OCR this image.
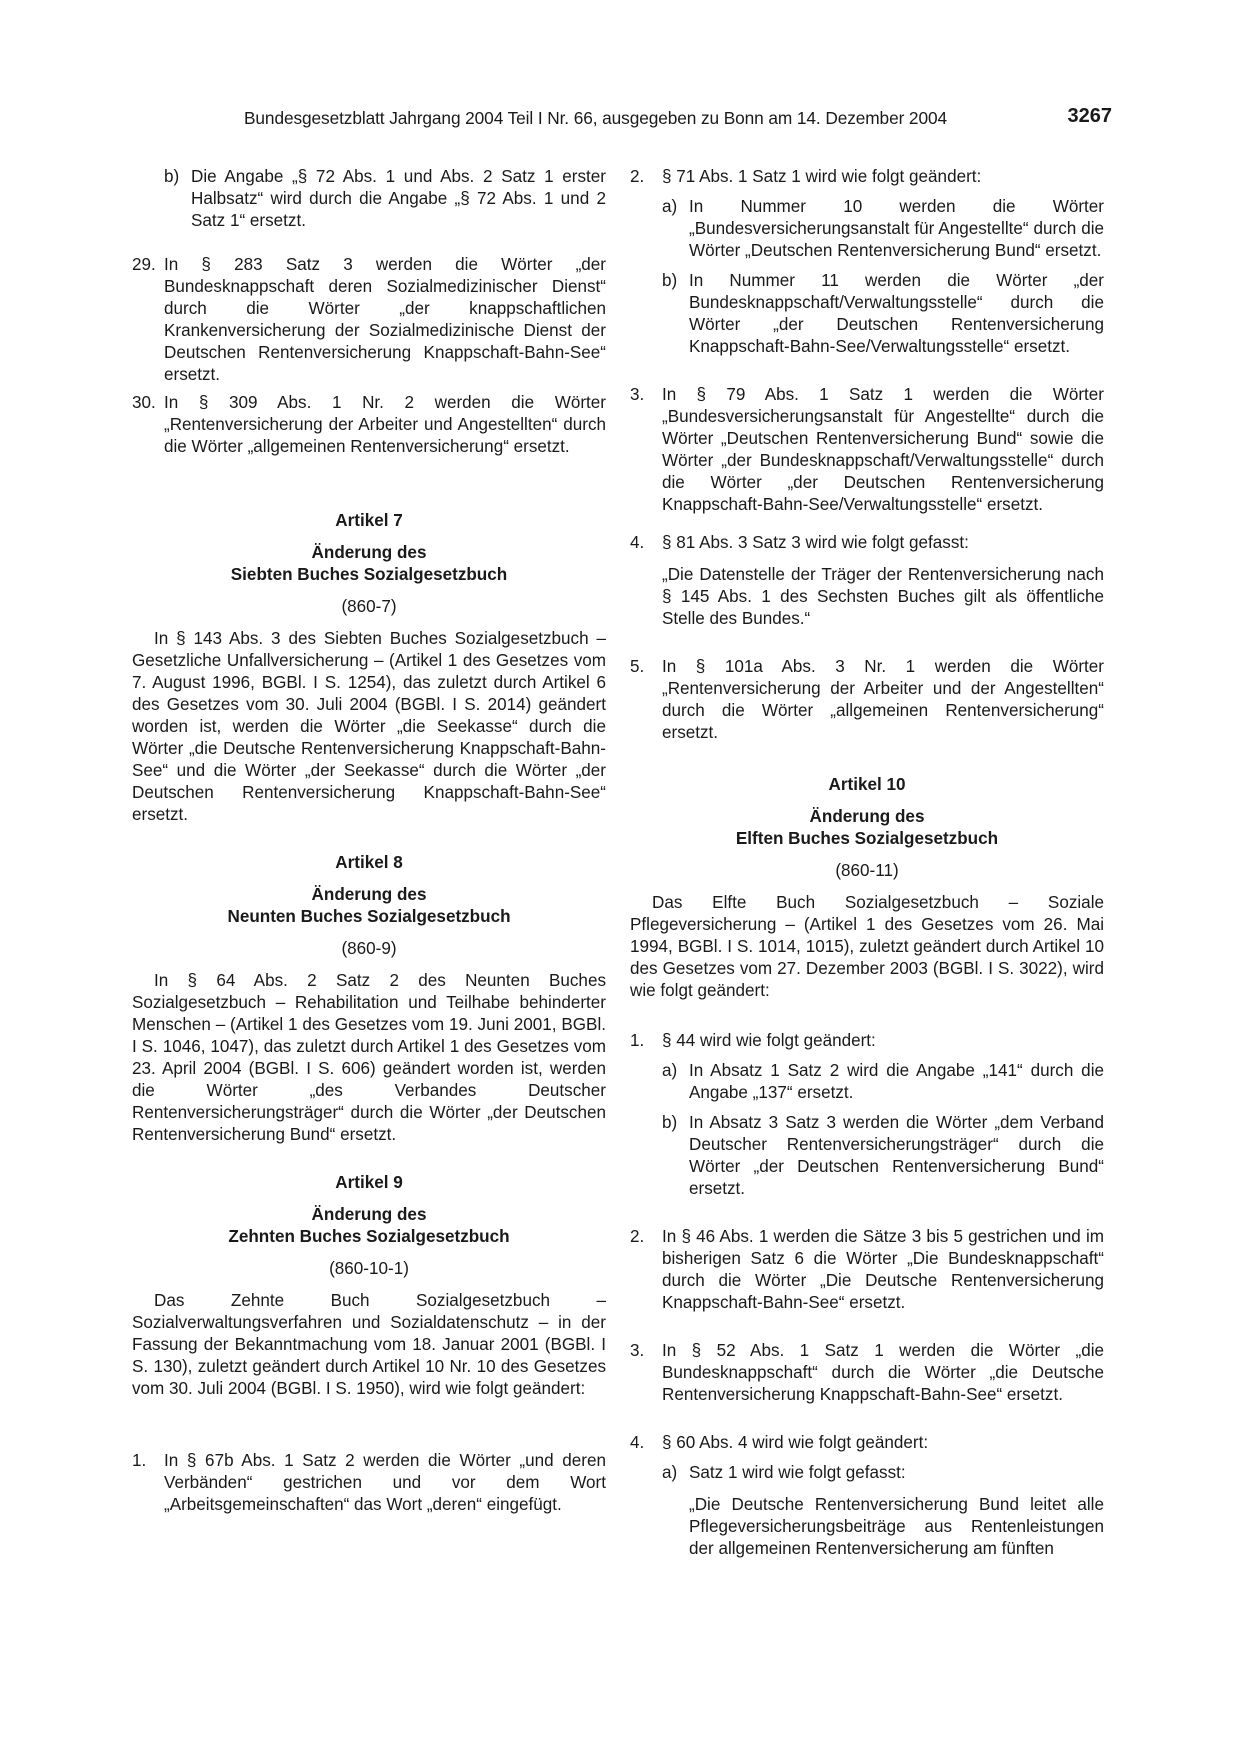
Bundesgesetzblatt Jahrgang 2004 Teil I Nr. 66, ausgegeben zu Bonn am 14. Dezember 2004	3267
b) Die Angabe „§ 72 Abs. 1 und Abs. 2 Satz 1 erster Halbsatz“ wird durch die Angabe „§ 72 Abs. 1 und 2 Satz 1“ ersetzt.

29. In § 283 Satz 3 werden die Wörter „der Bundesknappschaft deren Sozialmedizinischer Dienst“ durch die Wörter „der knappschaftlichen Krankenversicherung der Sozialmedizinische Dienst der Deutschen Rentenversicherung Knappschaft-Bahn-See“ ersetzt.

30. In § 309 Abs. 1 Nr. 2 werden die Wörter „Rentenversicherung der Arbeiter und Angestellten“ durch die Wörter „allgemeinen Rentenversicherung“ ersetzt.

Artikel 7

Änderung des

Siebten Buches Sozialgesetzbuch

(860-7)

In § 143 Abs. 3 des Siebten Buches Sozialgesetzbuch – Gesetzliche Unfallversicherung – (Artikel 1 des Gesetzes vom 7. August 1996, BGBl. I S. 1254), das zuletzt durch Artikel 6 des Gesetzes vom 30. Juli 2004 (BGBl. I S. 2014) geändert worden ist, werden die Wörter „die Seekasse“ durch die Wörter „die Deutsche Rentenversicherung Knappschaft-Bahn-See“ und die Wörter „der Seekasse“ durch die Wörter „der Deutschen Rentenversicherung Knappschaft-Bahn-See“ ersetzt.

Artikel 8

Änderung des

Neunten Buches Sozialgesetzbuch

(860-9)

In § 64 Abs. 2 Satz 2 des Neunten Buches Sozialgesetzbuch – Rehabilitation und Teilhabe behinderter Menschen – (Artikel 1 des Gesetzes vom 19. Juni 2001, BGBl. I S. 1046, 1047), das zuletzt durch Artikel 1 des Gesetzes vom 23. April 2004 (BGBl. I S. 606) geändert worden ist, werden die Wörter „des Verbandes Deutscher Rentenversicherungsträger“ durch die Wörter „der Deutschen Rentenversicherung Bund“ ersetzt.

Artikel 9

Änderung des

Zehnten Buches Sozialgesetzbuch

(860-10-1)

Das Zehnte Buch Sozialgesetzbuch – Sozialverwaltungsverfahren und Sozialdatenschutz – in der Fassung der Bekanntmachung vom 18. Januar 2001 (BGBl. I S. 130), zuletzt geändert durch Artikel 10 Nr. 10 des Gesetzes vom 30. Juli 2004 (BGBl. I S. 1950), wird wie folgt geändert:

1. In § 67b Abs. 1 Satz 2 werden die Wörter „und deren Verbänden“ gestrichen und vor dem Wort „Arbeitsgemeinschaften“ das Wort „deren“ eingefügt.

2. § 71 Abs. 1 Satz 1 wird wie folgt geändert:

a) In Nummer 10 werden die Wörter „Bundesversicherungsanstalt für Angestellte“ durch die Wörter „Deutschen Rentenversicherung Bund“ ersetzt.

b) In Nummer 11 werden die Wörter „der Bundesknappschaft/Verwaltungsstelle“ durch die Wörter „der Deutschen Rentenversicherung Knappschaft-Bahn-See/Verwaltungsstelle“ ersetzt.

3. In § 79 Abs. 1 Satz 1 werden die Wörter „Bundesversicherungsanstalt für Angestellte“ durch die Wörter „Deutschen Rentenversicherung Bund“ sowie die Wörter „der Bundesknappschaft/Verwaltungsstelle“ durch die Wörter „der Deutschen Rentenversicherung Knappschaft-Bahn-See/Verwaltungsstelle“ ersetzt.

4. § 81 Abs. 3 Satz 3 wird wie folgt gefasst:

„Die Datenstelle der Träger der Rentenversicherung nach § 145 Abs. 1 des Sechsten Buches gilt als öffentliche Stelle des Bundes.“

5. In § 101a Abs. 3 Nr. 1 werden die Wörter „Rentenversicherung der Arbeiter und der Angestellten“ durch die Wörter „allgemeinen Rentenversicherung“ ersetzt.

Artikel 10

Änderung des

Elften Buches Sozialgesetzbuch

(860-11)

Das Elfte Buch Sozialgesetzbuch – Soziale Pflegeversicherung – (Artikel 1 des Gesetzes vom 26. Mai 1994, BGBl. I S. 1014, 1015), zuletzt geändert durch Artikel 10 des Gesetzes vom 27. Dezember 2003 (BGBl. I S. 3022), wird wie folgt geändert:

1. § 44 wird wie folgt geändert:

a) In Absatz 1 Satz 2 wird die Angabe „141“ durch die Angabe „137“ ersetzt.

b) In Absatz 3 Satz 3 werden die Wörter „dem Verband Deutscher Rentenversicherungsträger“ durch die Wörter „der Deutschen Rentenversicherung Bund“ ersetzt.

2. In § 46 Abs. 1 werden die Sätze 3 bis 5 gestrichen und im bisherigen Satz 6 die Wörter „Die Bundesknappschaft“ durch die Wörter „Die Deutsche Rentenversicherung Knappschaft-Bahn-See“ ersetzt.

3. In § 52 Abs. 1 Satz 1 werden die Wörter „die Bundesknappschaft“ durch die Wörter „die Deutsche Rentenversicherung Knappschaft-Bahn-See“ ersetzt.

4. § 60 Abs. 4 wird wie folgt geändert:

a) Satz 1 wird wie folgt gefasst:

„Die Deutsche Rentenversicherung Bund leitet alle Pflegeversicherungsbeiträge aus Rentenleistungen der allgemeinen Rentenversicherung am fünften
